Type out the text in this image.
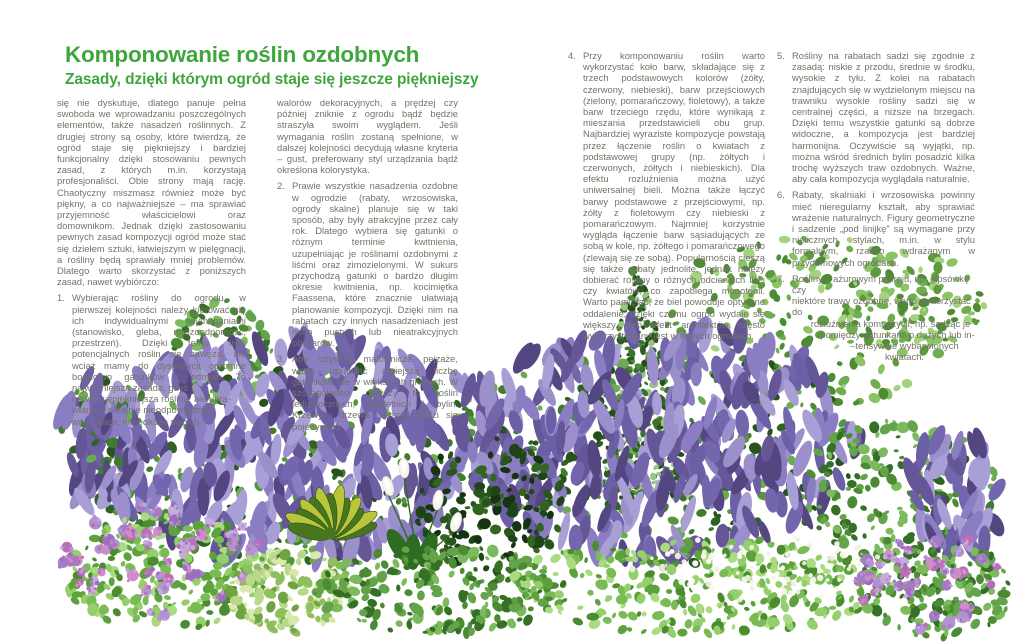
Komponowanie roślin ozdobnych
Zasady, dzięki którym ogród staje się jeszcze piękniejszy
się nie dyskutuje, dlatego panuje pełna swoboda we wprowadzaniu poszczególnych elementów, także nasadzeń roślinnych. Z drugiej strony są osoby, które twierdzą, że ogród staje się piękniejszy i bardziej funkcjonalny dzięki stosowaniu pewnych zasad, z których m.in. korzystają profesjonaliści. Obie strony mają rację. Chaotyczny miszmasz również może być piękny, a co najważniejsze – ma sprawiać przyjemność właścicielowi oraz domownikom. Jednak dzięki zastosowaniu pewnych zasad kompozycji ogród może stać się dziełem sztuki, łatwiejszym w pielęgnacji, a rośliny będą sprawiały mniej problemów. Dlatego warto skorzystać z poniższych zasad, nawet wybiórczo:
1. Wybierając rośliny do ogrodu, w pierwszej kolejności należy kierować się ich indywidualnymi wymaganiami (stanowisko, gleba, mrozoodporność, przestrzeń). Dzięki temu lista potencjalnych roślin się zawęża, ale wciąż mamy do dyspozycji ogromne bogactwo gatunków i odmian. To najważniejsza zasada, gdyż
nawet najpiękniejsza roślina, ale upra-
wiana w skrajnie nieodpowiednich
warunkach, nie pokaże swoich
walorów dekoracyjnych, a prędzej czy później zniknie z ogrodu bądź będzie straszyła swoim wyglądem. Jeśli wymagania roślin zostaną spełnione, w dalszej kolejności decydują własne kryteria – gust, preferowany styl urządzania bądź określona kolorystyka.
2. Prawie wszystkie nasadzenia ozdobne w ogrodzie (rabaty, wrzosowiska, ogrody skalne) planuje się w taki sposób, aby były atrakcyjne przez cały rok. Dlatego wybiera się gatunki o różnym terminie kwitnienia, uzupełniając je roślinami ozdobnymi z liśćmi oraz zimozielonymi. W sukurs przychodzą gatunki o bardzo długim okresie kwitnienia, np. kocimiętka Faassena, które znacznie ułatwiają planowanie kompozycji. Dzięki nim na rabatach czy innych nasadzeniach jest mało pustych lub nieatrakcyjnych obszarów.
3. Aby uzyskać malownicze pejzaże, warto uprawiać mniejszą liczbę gatunków, ale w większych grupach. W szczególności dotyczy to roślin jednorocznych, dwuletnich i bylin. Krzewy i drzewa częściej sadzi się pojedynczo.
4. Przy komponowaniu roślin warto wykorzystać koło barw, składające się z trzech podstawowych kolorów (żółty, czerwony, niebieski), barw przejściowych (zielony, pomarańczowy, fioletowy), a także barw trzeciego rzędu, które wynikają z mieszania przedstawicieli obu grup. Najbardziej wyraziste kompozycje powstają przez łączenie roślin o kwiatach z podstawowej grupy (np. żółtych i czerwonych, żółtych i niebieskich). Dla efektu rozluźnienia można użyć uniwersalnej bieli. Można także łączyć barwy podstawowe z przejściowymi, np. żółty z fioletowym czy niebieski z pomarańczowym. Najmniej korzystnie wygląda łączenie barw sąsiadujących ze sobą w kole, np. żółtego i pomarańczowego (zlewają się ze sobą). Popularnością cieszą się także rabaty jednolite, jednak należy dobierać rośliny o różnych odcieniach liści czy kwiatów, co zapobiega monotonii. Warto pamiętać, że biel powoduje optyczne oddalenie, dzięki czemu ogród wydaje się większy. Ten efekt architektów często wykorzystywany jest w małych ogrodach.
5. Rośliny na rabatach sadzi się zgodnie z zasadą: niskie z przodu, średnie w środku, wysokie z tyłu. Z kolei na rabatach znajdujących się w wydzielonym miejscu na trawniku wysokie rośliny sadzi się w centralnej części, a niższe na brzegach. Dzięki temu wszystkie gatunki są dobrze widoczne, a kompozycja jest bardziej harmonijna. Oczywiście są wyjątki, np. można wśród średnich bylin posadzić kilka trochę wyższych traw ozdobnych. Ważne, aby cała kompozycja wyglądała naturalnie.
6. Rabaty, skalniaki i wrzosowiska powinny mieć nieregularny kształt, aby sprawiać wrażenie naturalnych. Figury geometryczne i sadzenie „pod linijkę” są wymagane przy nielicznych stylach, m.in. w stylu formalnym, rzadko wdrażanym w przydomowych ogrodach.
7. Rośliny o ażurowym pokroju, np. gipsówkę czy
niektóre trawy ozdobne, warto wykorzystać do
rozluźnienia kompozycji, np. sadząc je
pomiędzy gatunkami o dużych lub in-
–tensywnie wybarwionych
kwiatach.
